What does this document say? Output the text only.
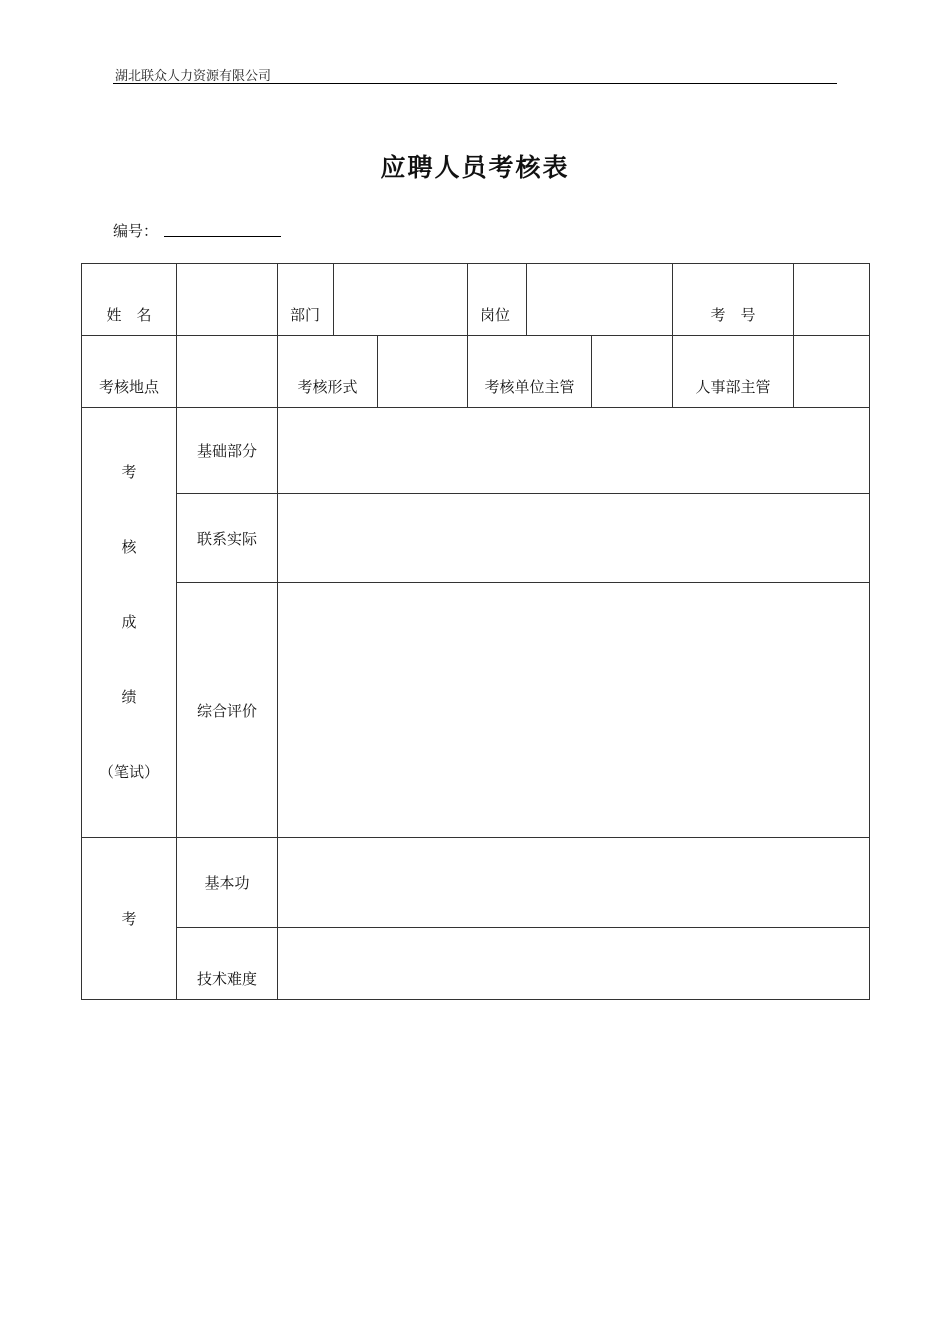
湖北联众人力资源有限公司
应聘人员考核表
编号：
姓　名		部门			岗位			考　号	
考核地点		考核形式			考核单位主管			人事部主管	

考
核
成
绩
（笔试）	基础部分								
	联系实际								
	综合评价								
考	基本功								
	技术难度								
